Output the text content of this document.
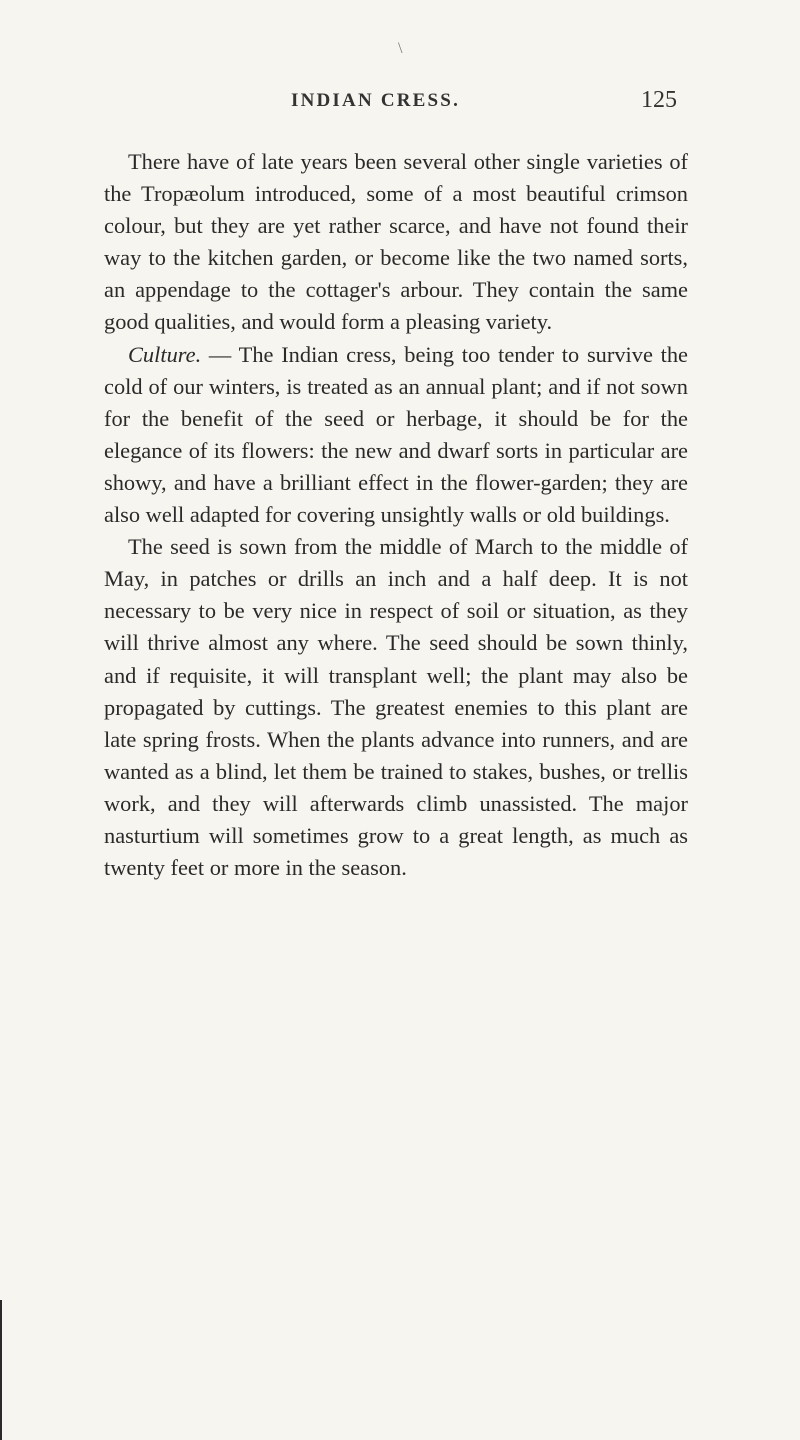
\
INDIAN CRESS.	125

There have of late years been several other single varieties of the Tropæolum introduced, some of a most beautiful crimson colour, but they are yet rather scarce, and have not found their way to the kitchen garden, or become like the two named sorts, an appendage to the cottager's arbour. They contain the same good qualities, and would form a pleasing variety.

Culture. — The Indian cress, being too tender to survive the cold of our winters, is treated as an annual plant; and if not sown for the benefit of the seed or herbage, it should be for the elegance of its flowers: the new and dwarf sorts in particular are showy, and have a brilliant effect in the flower-garden; they are also well adapted for covering unsightly walls or old buildings.

The seed is sown from the middle of March to the middle of May, in patches or drills an inch and a half deep. It is not necessary to be very nice in respect of soil or situation, as they will thrive almost any where. The seed should be sown thinly, and if requisite, it will transplant well; the plant may also be propagated by cuttings. The greatest enemies to this plant are late spring frosts. When the plants advance into runners, and are wanted as a blind, let them be trained to stakes, bushes, or trellis work, and they will afterwards climb unassisted. The major nasturtium will sometimes grow to a great length, as much as twenty feet or more in the season.
